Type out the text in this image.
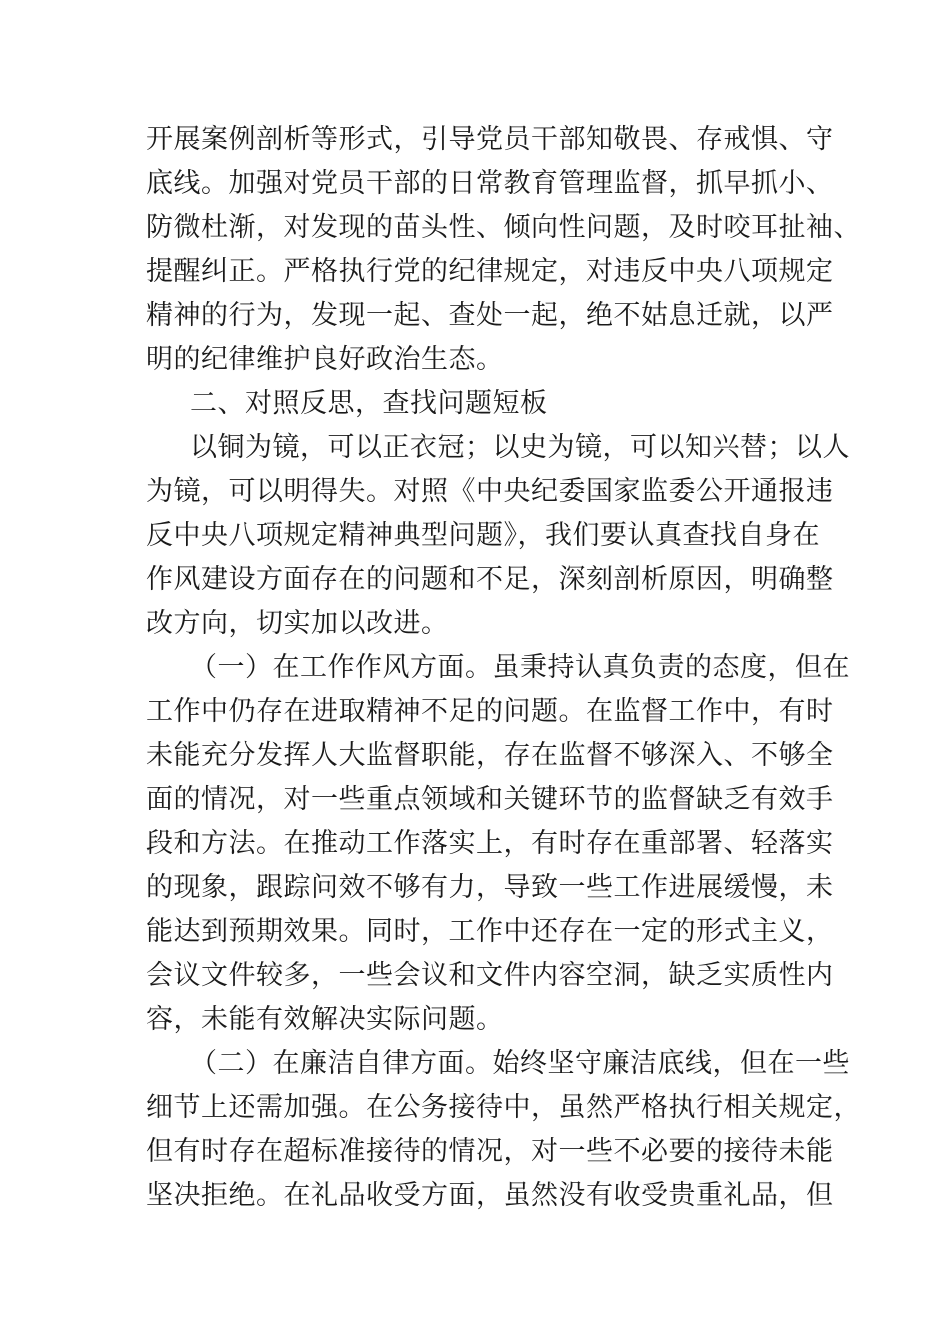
开展案例剖析等形式，引导党员干部知敬畏、存戒惧、守
底线。加强对党员干部的日常教育管理监督，抓早抓小、
防微杜渐，对发现的苗头性、倾向性问题，及时咬耳扯袖、
提醒纠正。严格执行党的纪律规定，对违反中央八项规定
精神的行为，发现一起、查处一起，绝不姑息迁就，以严
明的纪律维护良好政治生态。
二、对照反思，查找问题短板
以铜为镜，可以正衣冠；以史为镜，可以知兴替；以人
为镜，可以明得失。对照《中央纪委国家监委公开通报违
反中央八项规定精神典型问题》，我们要认真查找自身在
作风建设方面存在的问题和不足，深刻剖析原因，明确整
改方向，切实加以改进。
（一）在工作作风方面。虽秉持认真负责的态度，但在
工作中仍存在进取精神不足的问题。在监督工作中，有时
未能充分发挥人大监督职能，存在监督不够深入、不够全
面的情况，对一些重点领域和关键环节的监督缺乏有效手
段和方法。在推动工作落实上，有时存在重部署、轻落实
的现象，跟踪问效不够有力，导致一些工作进展缓慢，未
能达到预期效果。同时，工作中还存在一定的形式主义，
会议文件较多，一些会议和文件内容空洞，缺乏实质性内
容，未能有效解决实际问题。
（二）在廉洁自律方面。始终坚守廉洁底线，但在一些
细节上还需加强。在公务接待中，虽然严格执行相关规定，
但有时存在超标准接待的情况，对一些不必要的接待未能
坚决拒绝。在礼品收受方面，虽然没有收受贵重礼品，但
